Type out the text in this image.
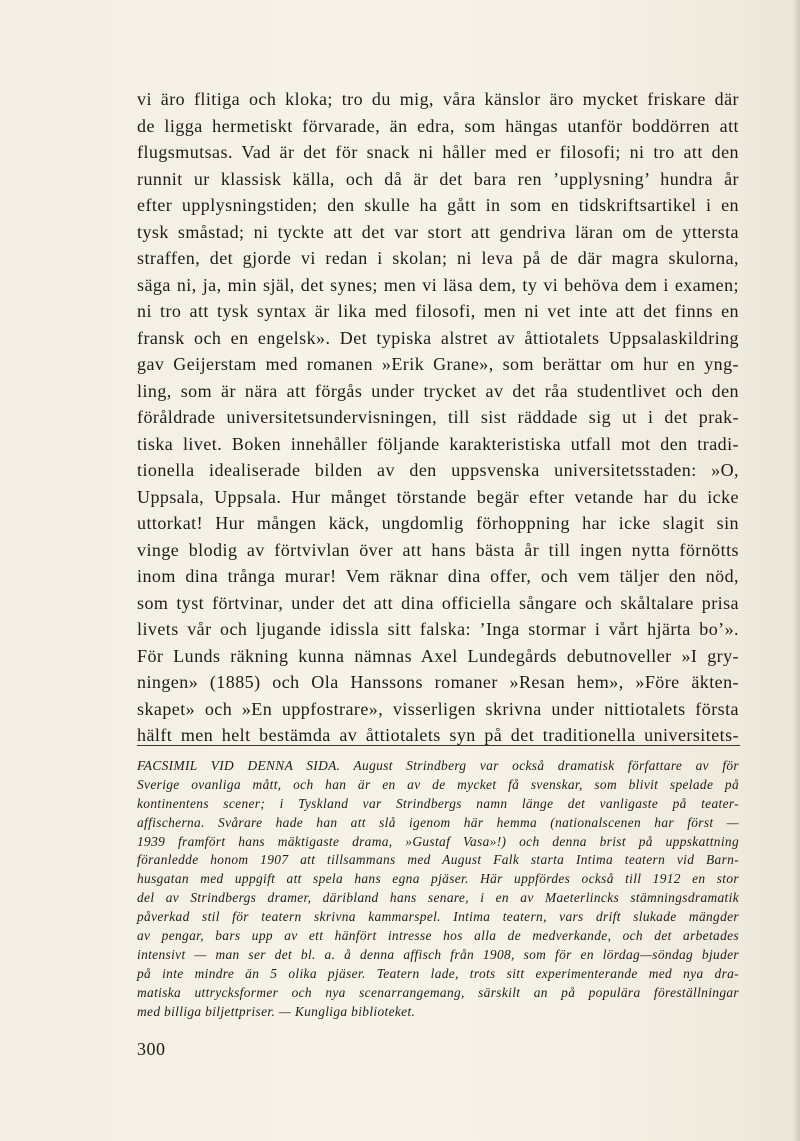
vi äro flitiga och kloka; tro du mig, våra känslor äro mycket friskare där
de ligga hermetiskt förvarade, än edra, som hängas utanför boddörren att
flugsmutsas. Vad är det för snack ni håller med er filosofi; ni tro att den
runnit ur klassisk källa, och då är det bara ren ’upplysning’ hundra år
efter upplysningstiden; den skulle ha gått in som en tidskriftsartikel i en
tysk småstad; ni tyckte att det var stort att gendriva läran om de yttersta
straffen, det gjorde vi redan i skolan; ni leva på de där magra skulorna,
säga ni, ja, min själ, det synes; men vi läsa dem, ty vi behöva dem i examen;
ni tro att tysk syntax är lika med filosofi, men ni vet inte att det finns en
fransk och en engelsk». Det typiska alstret av åttiotalets Uppsalaskildring
gav Geijerstam med romanen »Erik Grane», som berättar om hur en yng-
ling, som är nära att förgås under trycket av det råa studentlivet och den
föråldrade universitetsundervisningen, till sist räddade sig ut i det prak-
tiska livet. Boken innehåller följande karakteristiska utfall mot den tradi-
tionella idealiserade bilden av den uppsvenska universitetsstaden: »O,
Uppsala, Uppsala. Hur månget törstande begär efter vetande har du icke
uttorkat! Hur mången käck, ungdomlig förhoppning har icke slagit sin
vinge blodig av förtvivlan över att hans bästa år till ingen nytta förnötts
inom dina trånga murar! Vem räknar dina offer, och vem täljer den nöd,
som tyst förtvinar, under det att dina officiella sångare och skåltalare prisa
livets vår och ljugande idissla sitt falska: ’Inga stormar i vårt hjärta bo’».
För Lunds räkning kunna nämnas Axel Lundegårds debutnoveller »I gry-
ningen» (1885) och Ola Hanssons romaner »Resan hem», »Före äkten-
skapet» och »En uppfostrare», visserligen skrivna under nittiotalets första
hälft men helt bestämda av åttiotalets syn på det traditionella universitets-
FACSIMIL VID DENNA SIDA. August Strindberg var också dramatisk författare av för
Sverige ovanliga mått, och han är en av de mycket få svenskar, som blivit spelade på
kontinentens scener; i Tyskland var Strindbergs namn länge det vanligaste på teater-
affischerna. Svårare hade han att slå igenom här hemma (nationalscenen har först —
1939 framfört hans mäktigaste drama, »Gustaf Vasa»!) och denna brist på uppskattning
föranledde honom 1907 att tillsammans med August Falk starta Intima teatern vid Barn-
husgatan med uppgift att spela hans egna pjäser. Här uppfördes också till 1912 en stor
del av Strindbergs dramer, däribland hans senare, i en av Maeterlincks stämningsdramatik
påverkad stil för teatern skrivna kammarspel. Intima teatern, vars drift slukade mängder
av pengar, bars upp av ett hänfört intresse hos alla de medverkande, och det arbetades
intensivt — man ser det bl. a. å denna affisch från 1908, som för en lördag—söndag bjuder
på inte mindre än 5 olika pjäser. Teatern lade, trots sitt experimenterande med nya dra-
matiska uttrycksformer och nya scenarrangemang, särskilt an på populära föreställningar
med billiga biljettpriser. — Kungliga biblioteket.
300
